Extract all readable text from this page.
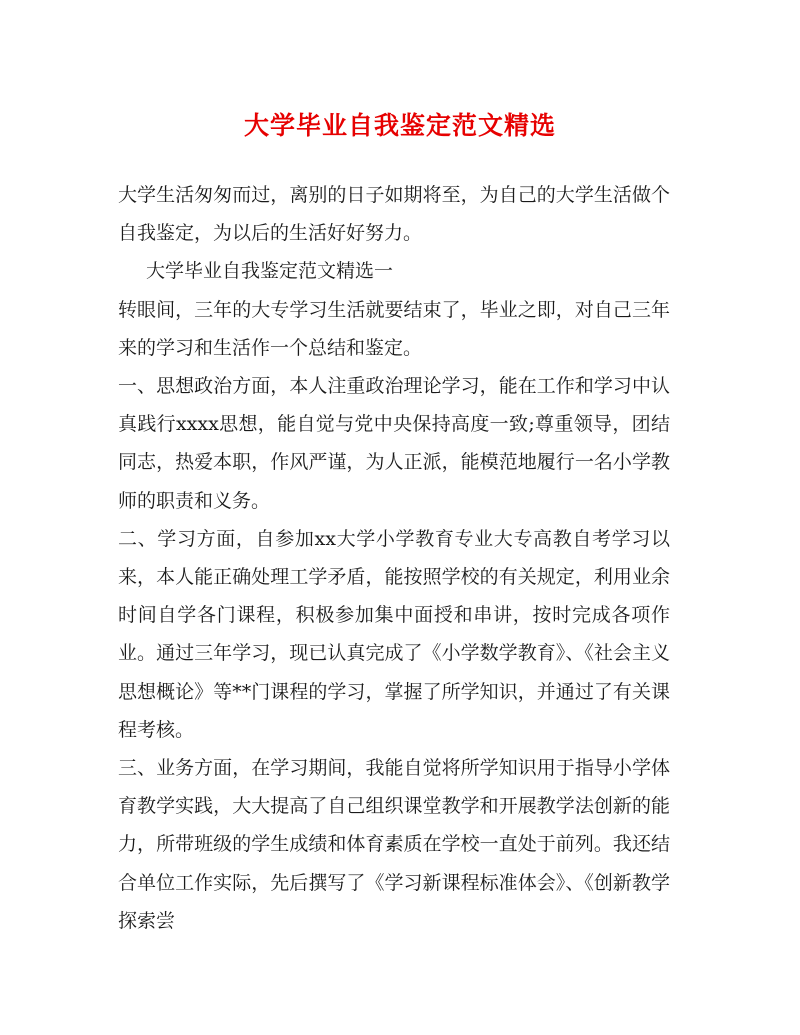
大学毕业自我鉴定范文精选

大学生活匆匆而过，离别的日子如期将至，为自己的大学生活做个自我鉴定，为以后的生活好好努力。

大学毕业自我鉴定范文精选一

转眼间，三年的大专学习生活就要结束了，毕业之即，对自己三年来的学习和生活作一个总结和鉴定。

一、思想政治方面，本人注重政治理论学习，能在工作和学习中认真践行xxxx思想，能自觉与党中央保持高度一致;尊重领导，团结同志，热爱本职，作风严谨，为人正派，能模范地履行一名小学教师的职责和义务。

二、学习方面，自参加xx大学小学教育专业大专高教自考学习以来，本人能正确处理工学矛盾，能按照学校的有关规定，利用业余时间自学各门课程，积极参加集中面授和串讲，按时完成各项作业。通过三年学习，现已认真完成了《小学数学教育》、《社会主义思想概论》等**门课程的学习，掌握了所学知识，并通过了有关课程考核。

三、业务方面，在学习期间，我能自觉将所学知识用于指导小学体育教学实践，大大提高了自己组织课堂教学和开展教学法创新的能力，所带班级的学生成绩和体育素质在学校一直处于前列。我还结合单位工作实际，先后撰写了《学习新课程标准体会》、《创新教学探索尝
